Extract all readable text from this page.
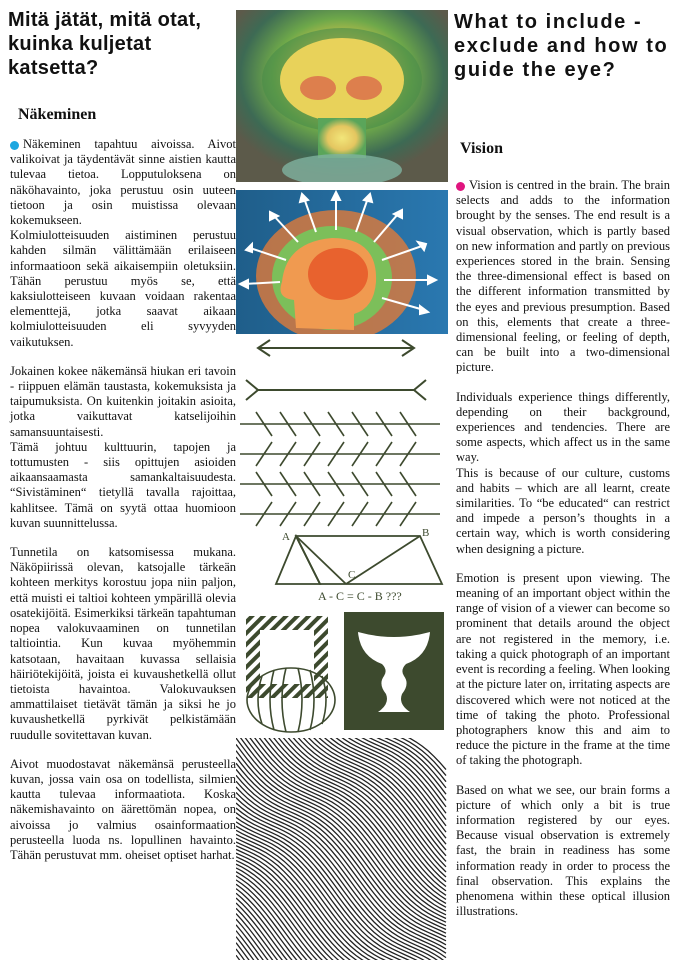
Mitä jätät, mitä otat, kuinka kuljetat katsetta?
Näkeminen

Näkeminen tapahtuu aivoissa. Aivot valikoivat ja täydentävät sinne aistien kautta tulevaa tietoa. Lopputuloksena on näköhavainto, joka perustuu osin uuteen tietoon ja osin muistissa olevaan kokemukseen.

Kolmiulotteisuuden aistiminen perustuu kahden silmän välittämään erilaiseen informaatioon sekä aikaisempiin oletuksiin. Tähän perustuu myös se, että kaksiulotteiseen kuvaan voidaan rakentaa elementtejä, jotka saavat aikaan kolmiulotteisuuden eli syvyyden vaikutuksen.

Jokainen kokee näkemänsä hiukan eri tavoin - riippuen elämän taustasta, kokemuksista ja taipumuksista. On kuitenkin joitakin asioita, jotka vaikuttavat katselijoihin samansuuntaisesti.

Tämä johtuu kulttuurin, tapojen ja tottumusten - siis opittujen asioiden aikaansaamasta samankaltaisuudesta. “Sivistäminen“ tietyllä tavalla rajoittaa, kahlitsee. Tämä on syytä ottaa huomioon kuvan suunnittelussa.

Tunnetila on katsomisessa mukana. Näköpiirissä olevan, katsojalle tärkeän kohteen merkitys korostuu jopa niin paljon, että muisti ei taltioi kohteen ympärillä olevia osatekijöitä. Esimerkiksi tärkeän tapahtuman nopea valokuvaaminen on tunnetilan taltiointia. Kun kuvaa myöhemmin katsotaan, havaitaan kuvassa sellaisia häiriötekijöitä, joista ei kuvaushetkellä ollut tietoista havaintoa. Valokuvauksen ammattilaiset tietävät tämän ja siksi he jo kuvaushetkellä pyrkivät pelkistämään ruudulle sovitettavan kuvan.

Aivot muodostavat näkemänsä perusteella kuvan, jossa vain osa on todellista, silmien kautta tulevaa informaatiota. Koska näkemishavainto on äärettömän nopea, on aivoissa jo valmius osainformaation perusteella luoda ns. lopullinen havainto. Tähän perustuvat mm. oheiset optiset harhat.

A	B
C
A - C = C - B ???
What to include - exclude and how to guide the eye?
Vision

Vision is centred in the brain. The brain selects and adds to the information brought by the senses. The end result is a visual observation, which is partly based on new information and partly on previous experiences stored in the brain. Sensing the three-dimensional effect is based on the different information transmitted by the eyes and previous presumption. Based on this, elements that create a three-dimensional feeling, or feeling of depth, can be built into a two-dimensional picture.

Individuals experience things differently, depending on their background, experiences and tendencies. There are some aspects, which affect us in the same way.

This is because of our culture, customs and habits – which are all learnt, create similarities. To “be educated“ can restrict and impede a person’s thoughts in a certain way, which is worth considering when designing a picture.

Emotion is present upon viewing. The meaning of an important object within the range of vision of a viewer can become so prominent that details around the object are not registered in the memory, i.e. taking a quick photograph of an important event is recording a feeling. When looking at the picture later on, irritating aspects are discovered which were not noticed at the time of taking the photo. Professional photographers know this and aim to reduce the picture in the frame at the time of taking the photograph.

Based on what we see, our brain forms a picture of which only a bit is true information registered by our eyes. Because visual observation is extremely fast, the brain in readiness has some information ready in order to process the final observation. This explains the phenomena within these optical illusion illustrations.
